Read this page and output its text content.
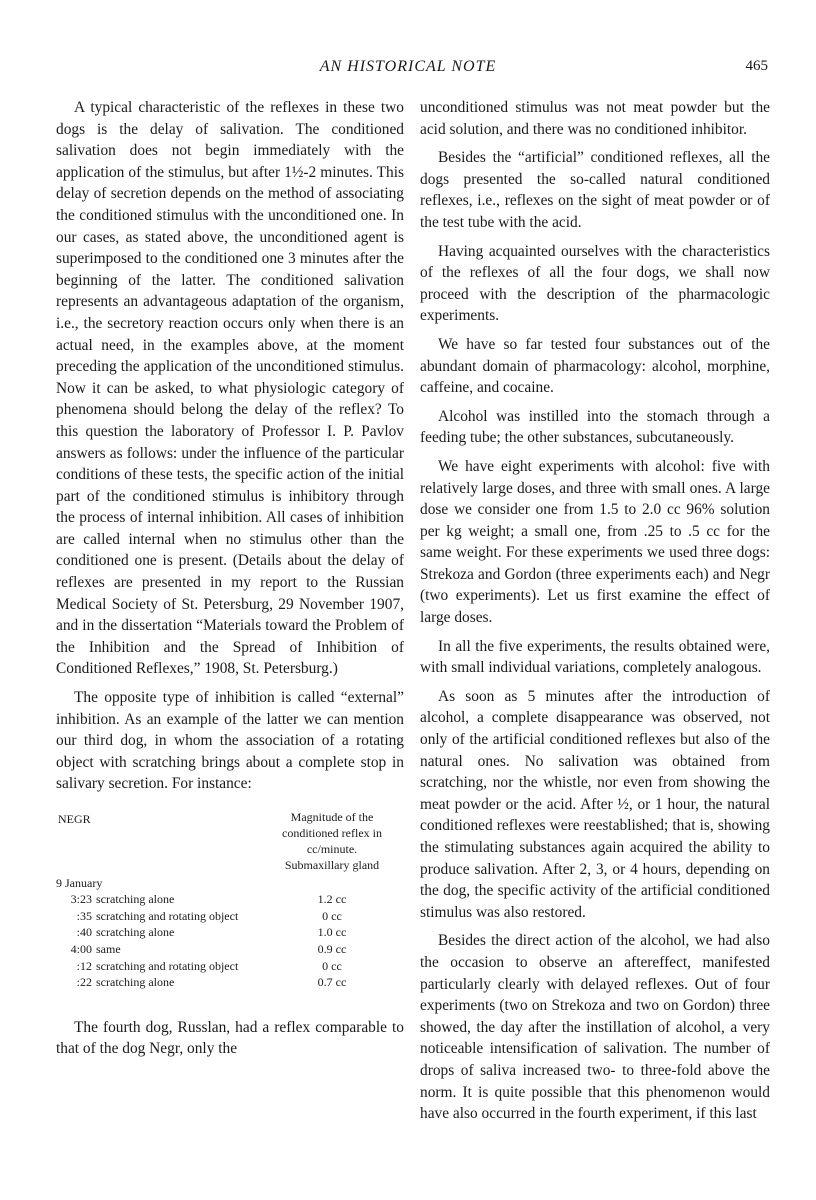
AN HISTORICAL NOTE	465

A typical characteristic of the reflexes in these two dogs is the delay of salivation. The conditioned salivation does not begin immediately with the application of the stimulus, but after 1½-2 minutes. This delay of secretion depends on the method of associating the conditioned stimulus with the unconditioned one. In our cases, as stated above, the unconditioned agent is superimposed to the conditioned one 3 minutes after the beginning of the latter. The conditioned salivation represents an advantageous adaptation of the organism, i.e., the secretory reaction occurs only when there is an actual need, in the examples above, at the moment preceding the application of the unconditioned stimulus. Now it can be asked, to what physiologic category of phenomena should belong the delay of the reflex? To this question the laboratory of Professor I. P. Pavlov answers as follows: under the influence of the particular conditions of these tests, the specific action of the initial part of the conditioned stimulus is inhibitory through the process of internal inhibition. All cases of inhibition are called internal when no stimulus other than the conditioned one is present. (Details about the delay of reflexes are presented in my report to the Russian Medical Society of St. Petersburg, 29 November 1907, and in the dissertation “Materials toward the Problem of the Inhibition and the Spread of Inhibition of Conditioned Reflexes,” 1908, St. Petersburg.)

The opposite type of inhibition is called “external” inhibition. As an example of the latter we can mention our third dog, in whom the association of a rotating object with scratching brings about a complete stop in salivary secretion. For instance:

NEGR	Magnitude of the conditioned reflex in cc/minute. Submaxillary gland
9 January
3:23 scratching alone	1.2 cc
:35 scratching and rotating object	0 cc
:40 scratching alone	1.0 cc
4:00 same	0.9 cc
:12 scratching and rotating object	0 cc
:22 scratching alone	0.7 cc

The fourth dog, Russlan, had a reflex comparable to that of the dog Negr, only the

unconditioned stimulus was not meat powder but the acid solution, and there was no conditioned inhibitor.

Besides the “artificial” conditioned reflexes, all the dogs presented the so-called natural conditioned reflexes, i.e., reflexes on the sight of meat powder or of the test tube with the acid.

Having acquainted ourselves with the characteristics of the reflexes of all the four dogs, we shall now proceed with the description of the pharmacologic experiments.

We have so far tested four substances out of the abundant domain of pharmacology: alcohol, morphine, caffeine, and cocaine.

Alcohol was instilled into the stomach through a feeding tube; the other substances, subcutaneously.

We have eight experiments with alcohol: five with relatively large doses, and three with small ones. A large dose we consider one from 1.5 to 2.0 cc 96% solution per kg weight; a small one, from .25 to .5 cc for the same weight. For these experiments we used three dogs: Strekoza and Gordon (three experiments each) and Negr (two experiments). Let us first examine the effect of large doses.

In all the five experiments, the results obtained were, with small individual variations, completely analogous.

As soon as 5 minutes after the introduction of alcohol, a complete disappearance was observed, not only of the artificial conditioned reflexes but also of the natural ones. No salivation was obtained from scratching, nor the whistle, nor even from showing the meat powder or the acid. After ½, or 1 hour, the natural conditioned reflexes were reestablished; that is, showing the stimulating substances again acquired the ability to produce salivation. After 2, 3, or 4 hours, depending on the dog, the specific activity of the artificial conditioned stimulus was also restored.

Besides the direct action of the alcohol, we had also the occasion to observe an aftereffect, manifested particularly clearly with delayed reflexes. Out of four experiments (two on Strekoza and two on Gordon) three showed, the day after the instillation of alcohol, a very noticeable intensification of salivation. The number of drops of saliva increased two- to three-fold above the norm. It is quite possible that this phenomenon would have also occurred in the fourth experiment, if this last
